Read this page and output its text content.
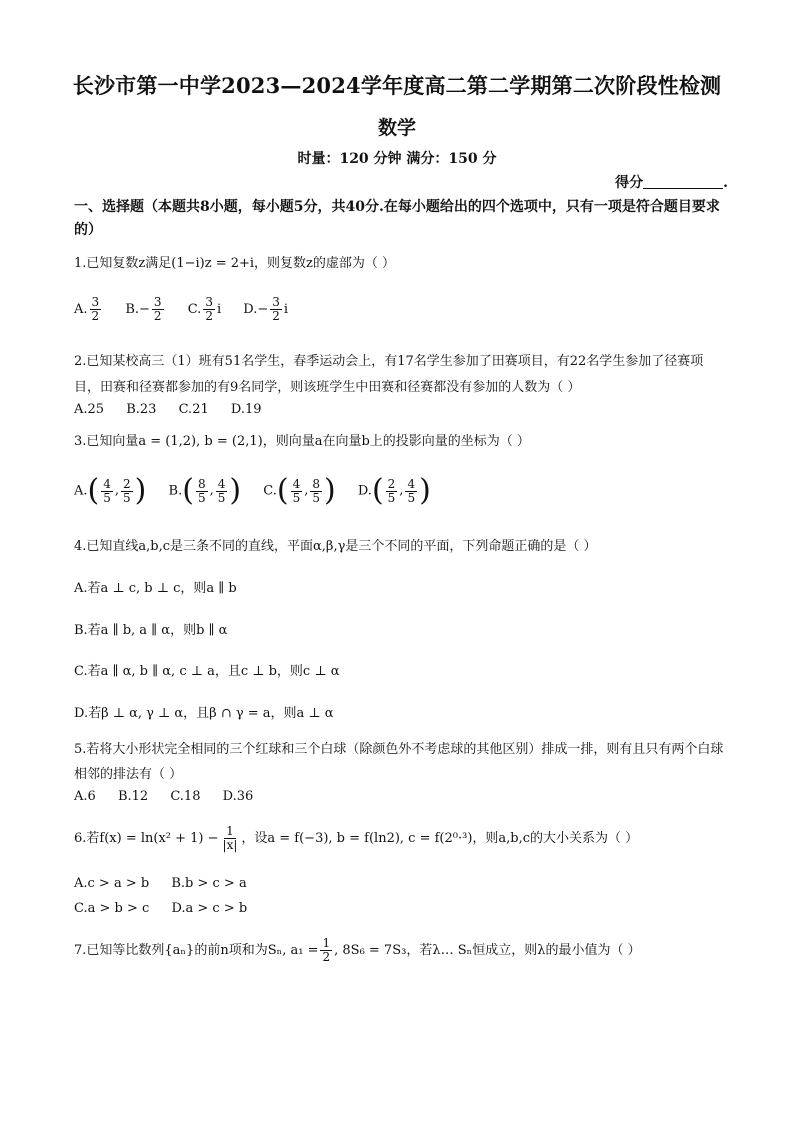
长沙市第一中学2023—2024学年度高二第二学期第二次阶段性检测
数学
时量：120 分钟 满分：150 分
得分	.
一、选择题（本题共8小题，每小题5分，共40分.在每小题给出的四个选项中，只有一项是符合题目要求的）
1.已知复数z满足(1−i)z = 2+i，则复数z的虚部为（ ）
A. $\frac{3}{2} B.- \frac{3}{2} C$. $\frac{3}{2}$ i $D.- \frac{3}{2}$ i
2.已知某校高三（1）班有51名学生，春季运动会上，有17名学生参加了田赛项目，有22名学生参加了径赛项目，田赛和径赛都参加的有9名同学，则该班学生中田赛和径赛都没有参加的人数为（ ）
A.25 B.23 C.21 D.19
3.已知向量a = (1,2), b = (2,1)，则向量a在向量b上的投影向量的坐标为（ ）
A. ( $\frac{4}{5}$ , $\frac{2}{5}$ ) B. ( $\frac{8}{5}$ , $\frac{4}{5}$ ) C. ( $\frac{4}{5}$ , $\frac{8}{5}$ ) D. ( $\frac{2}{5}$ , $\frac{4}{5}$ )
4.已知直线a,b,c是三条不同的直线，平面α,β,γ是三个不同的平面，下列命题正确的是（ ）
A.若a ⊥ c, b ⊥ c，则a ∥ b
B.若a ∥ b, a ∥ α，则b ∥ α
C.若a ∥ α, b ∥ α, c ⊥ a，且c ⊥ b，则c ⊥ α
D.若β ⊥ α, γ ⊥ α，且β ∩ γ = a，则a ⊥ α
5.若将大小形状完全相同的三个红球和三个白球（除颜色外不考虑球的其他区别）排成一排，则有且只有两个白球相邻的排法有（ ）
A.6 B.12 C.18 D.36
6.若$f(x) = \ln(x^2 + 1) - \frac{1}{|x|}$ ，设a = f(−3), b = f(ln2), c = f(2⁰·³)，则a,b,c的大小关系为（ ）
A.c > a > b B.b > c > a
C.a > b > c D.a > c > b
7.已知等比数列{aₙ}的前n项和为Sₙ, $a_1 = \frac{1}{2}$ , 8S₆ = 7S₃，若λ… Sₙ恒成立，则λ的最小值为（ ）
